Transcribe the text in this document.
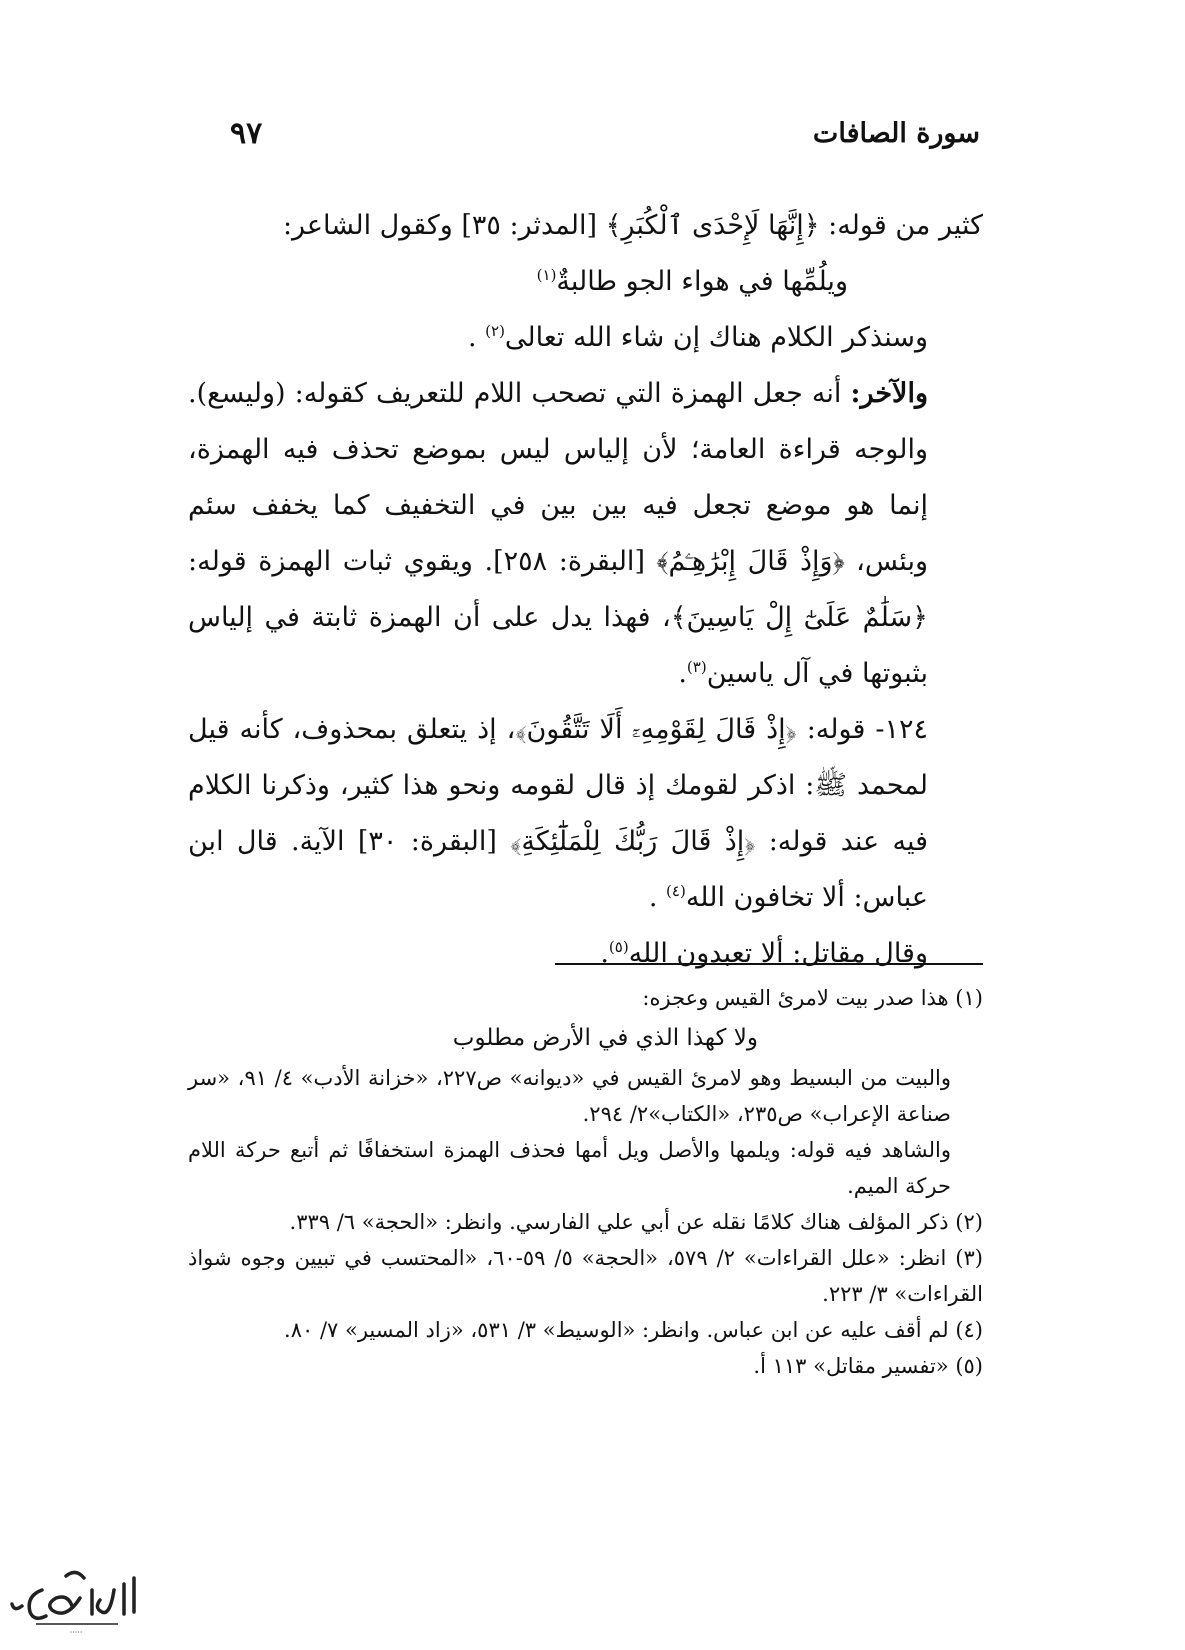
سورة الصافات
٩٧

كثير من قوله: ﴿إِنَّهَا لَإِحْدَى ٱلْكُبَرِ﴾ [المدثر: ٣٥] وكقول الشاعر:

ويلُمِّها في هواء الجو طالبةٌ$^{(١)}$

وسنذكر الكلام هناك إن شاء الله تعالى$^{(٢)}$ .

والآخر: أنه جعل الهمزة التي تصحب اللام للتعريف كقوله: (وليسع). والوجه قراءة العامة؛ لأن إلياس ليس بموضع تحذف فيه الهمزة، إنما هو موضع تجعل فيه بين بين في التخفيف كما يخفف سئم وبئس، ﴿وَإِذْ قَالَ إِبْرَٰهِـۧمُ﴾ [البقرة: ٢٥٨]. ويقوي ثبات الهمزة قوله: ﴿سَلَٰمٌ عَلَىٰٓ إِلْ يَاسِينَ﴾، فهذا يدل على أن الهمزة ثابتة في إلياس بثبوتها في آل ياسين$^{(٣)}$.

١٢٤- قوله: ﴿إِذْ قَالَ لِقَوْمِهِۦٓ أَلَا تَتَّقُونَ﴾، إذ يتعلق بمحذوف، كأنه قيل لمحمد ﷺ: اذكر لقومك إذ قال لقومه ونحو هذا كثير، وذكرنا الكلام فيه عند قوله: ﴿إِذْ قَالَ رَبُّكَ لِلْمَلَٰٓئِكَةِ﴾ [البقرة: ٣٠] الآية. قال ابن عباس: ألا تخافون الله$^{(٤)}$ .

وقال مقاتل: ألا تعبدون الله$^{(٥)}$.

(١) هذا صدر بيت لامرئ القيس وعجزه:

ولا كهذا الذي في الأرض مطلوب

والبيت من البسيط وهو لامرئ القيس في «ديوانه» ص٢٢٧، «خزانة الأدب» ٤/ ٩١، «سر صناعة الإعراب» ص٢٣٥، «الكتاب»٢/ ٢٩٤.

والشاهد فيه قوله: ويلمها والأصل ويل أمها فحذف الهمزة استخفافًا ثم أتبع حركة اللام حركة الميم.

(٢) ذكر المؤلف هناك كلامًا نقله عن أبي علي الفارسي. وانظر: «الحجة» ٦/ ٣٣٩.

(٣) انظر: «علل القراءات» ٢/ ٥٧٩، «الحجة» ٥/ ٥٩-٦٠، «المحتسب في تبيين وجوه شواذ القراءات» ٣/ ٢٢٣.

(٤) لم أقف عليه عن ابن عباس. وانظر: «الوسيط» ٣/ ٥٣١، «زاد المسير» ٧/ ٨٠.

(٥) «تفسير مقاتل» ١١٣ أ.

·····
